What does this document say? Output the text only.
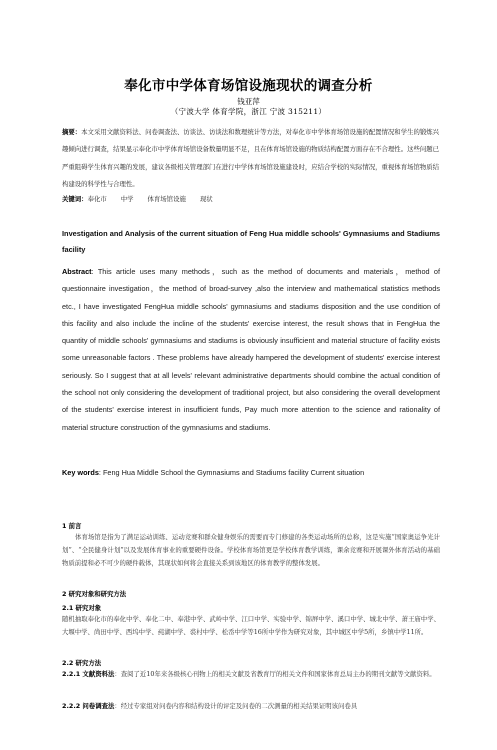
奉化市中学体育场馆设施现状的调查分析
钱亚萍
（宁波大学 体育学院，浙江 宁波 315211）
摘要：本文采用文献资料法、问卷调查法、访谈法、访谈法和数理统计等方法，对奉化市中学体育场馆设施的配置情况和学生的锻炼兴趣倾向进行调查，结果显示奉化市中学体育场馆设备数量明显不足，且在体育场馆设施的物质结构配置方面存在不合理性。这些问题已严重阻碍学生体育兴趣的发展，建议各级相关管理部门在进行中学体育场馆设施建设时，应结合学校的实际情况，重视体育场馆物质结构建设的科学性与合理性。
关键词：奉化市 中学 体育场馆设施 现状
Investigation and Analysis of the current situation of Feng Hua middle schools' Gymnasiums and Stadiums facility
Abstract: This article uses many methods，such as the method of documents and materials，method of questionnaire investigation，the method of broad-survey ,also the interview and mathematical statistics methods etc., I have investigated FengHua middle schools' gymnasiums and stadiums disposition and the use condition of this facility and also include the incline of the students' exercise interest, the result shows that in FengHua the quantity of middle schools' gymnasiums and stadiums is obviously insufficient and material structure of facility exists some unreasonable factors . These problems have already hampered the development of students' exercise interest seriously. So I suggest that at all levels' relevant administrative departments should combine the actual condition of the school not only considering the development of traditional project, but also considering the overall development of the students' exercise interest in insufficient funds, Pay much more attention to the science and rationality of material structure construction of the gymnasiums and stadiums.
Key words: Feng Hua Middle School the Gymnasiums and Stadiums facility Current situation
1 前言
体育场馆是指为了满足运动训练、运动竞赛和群众健身娱乐的需要而专门修建的各类运动场所的总称，这是实施“国家奥运争光计划”、“全民健身计划”以及发展体育事业的重要硬件设备。学校体育场馆更是学校体育教学训练，课余竞赛和开展课外体育活动的基础物质前提和必不可少的硬件载体，其现状如何将会直接关系到该地区的体育教学的整体发展。
2 研究对象和研究方法
2.1 研究对象
随机抽取奉化市的奉化中学、奉化二中、奉港中学、武岭中学、江口中学、实验中学、锦屏中学、溪口中学、城北中学、萧王庙中学、大堰中学、尚田中学、西坞中学、莼湖中学、裘村中学、松岙中学等16所中学作为研究对象，其中城区中学5所，乡镇中学11所。
2.2 研究方法
2.2.1 文献资料法：查阅了近10年来各级核心刊物上的相关文献及省教育厅的相关文件和国家体育总局主办的期刊文献等文献资料。
2.2.2 问卷调查法：经过专家组对问卷内容和结构设计的评定及问卷的二次测量的相关结果证明该问卷具
